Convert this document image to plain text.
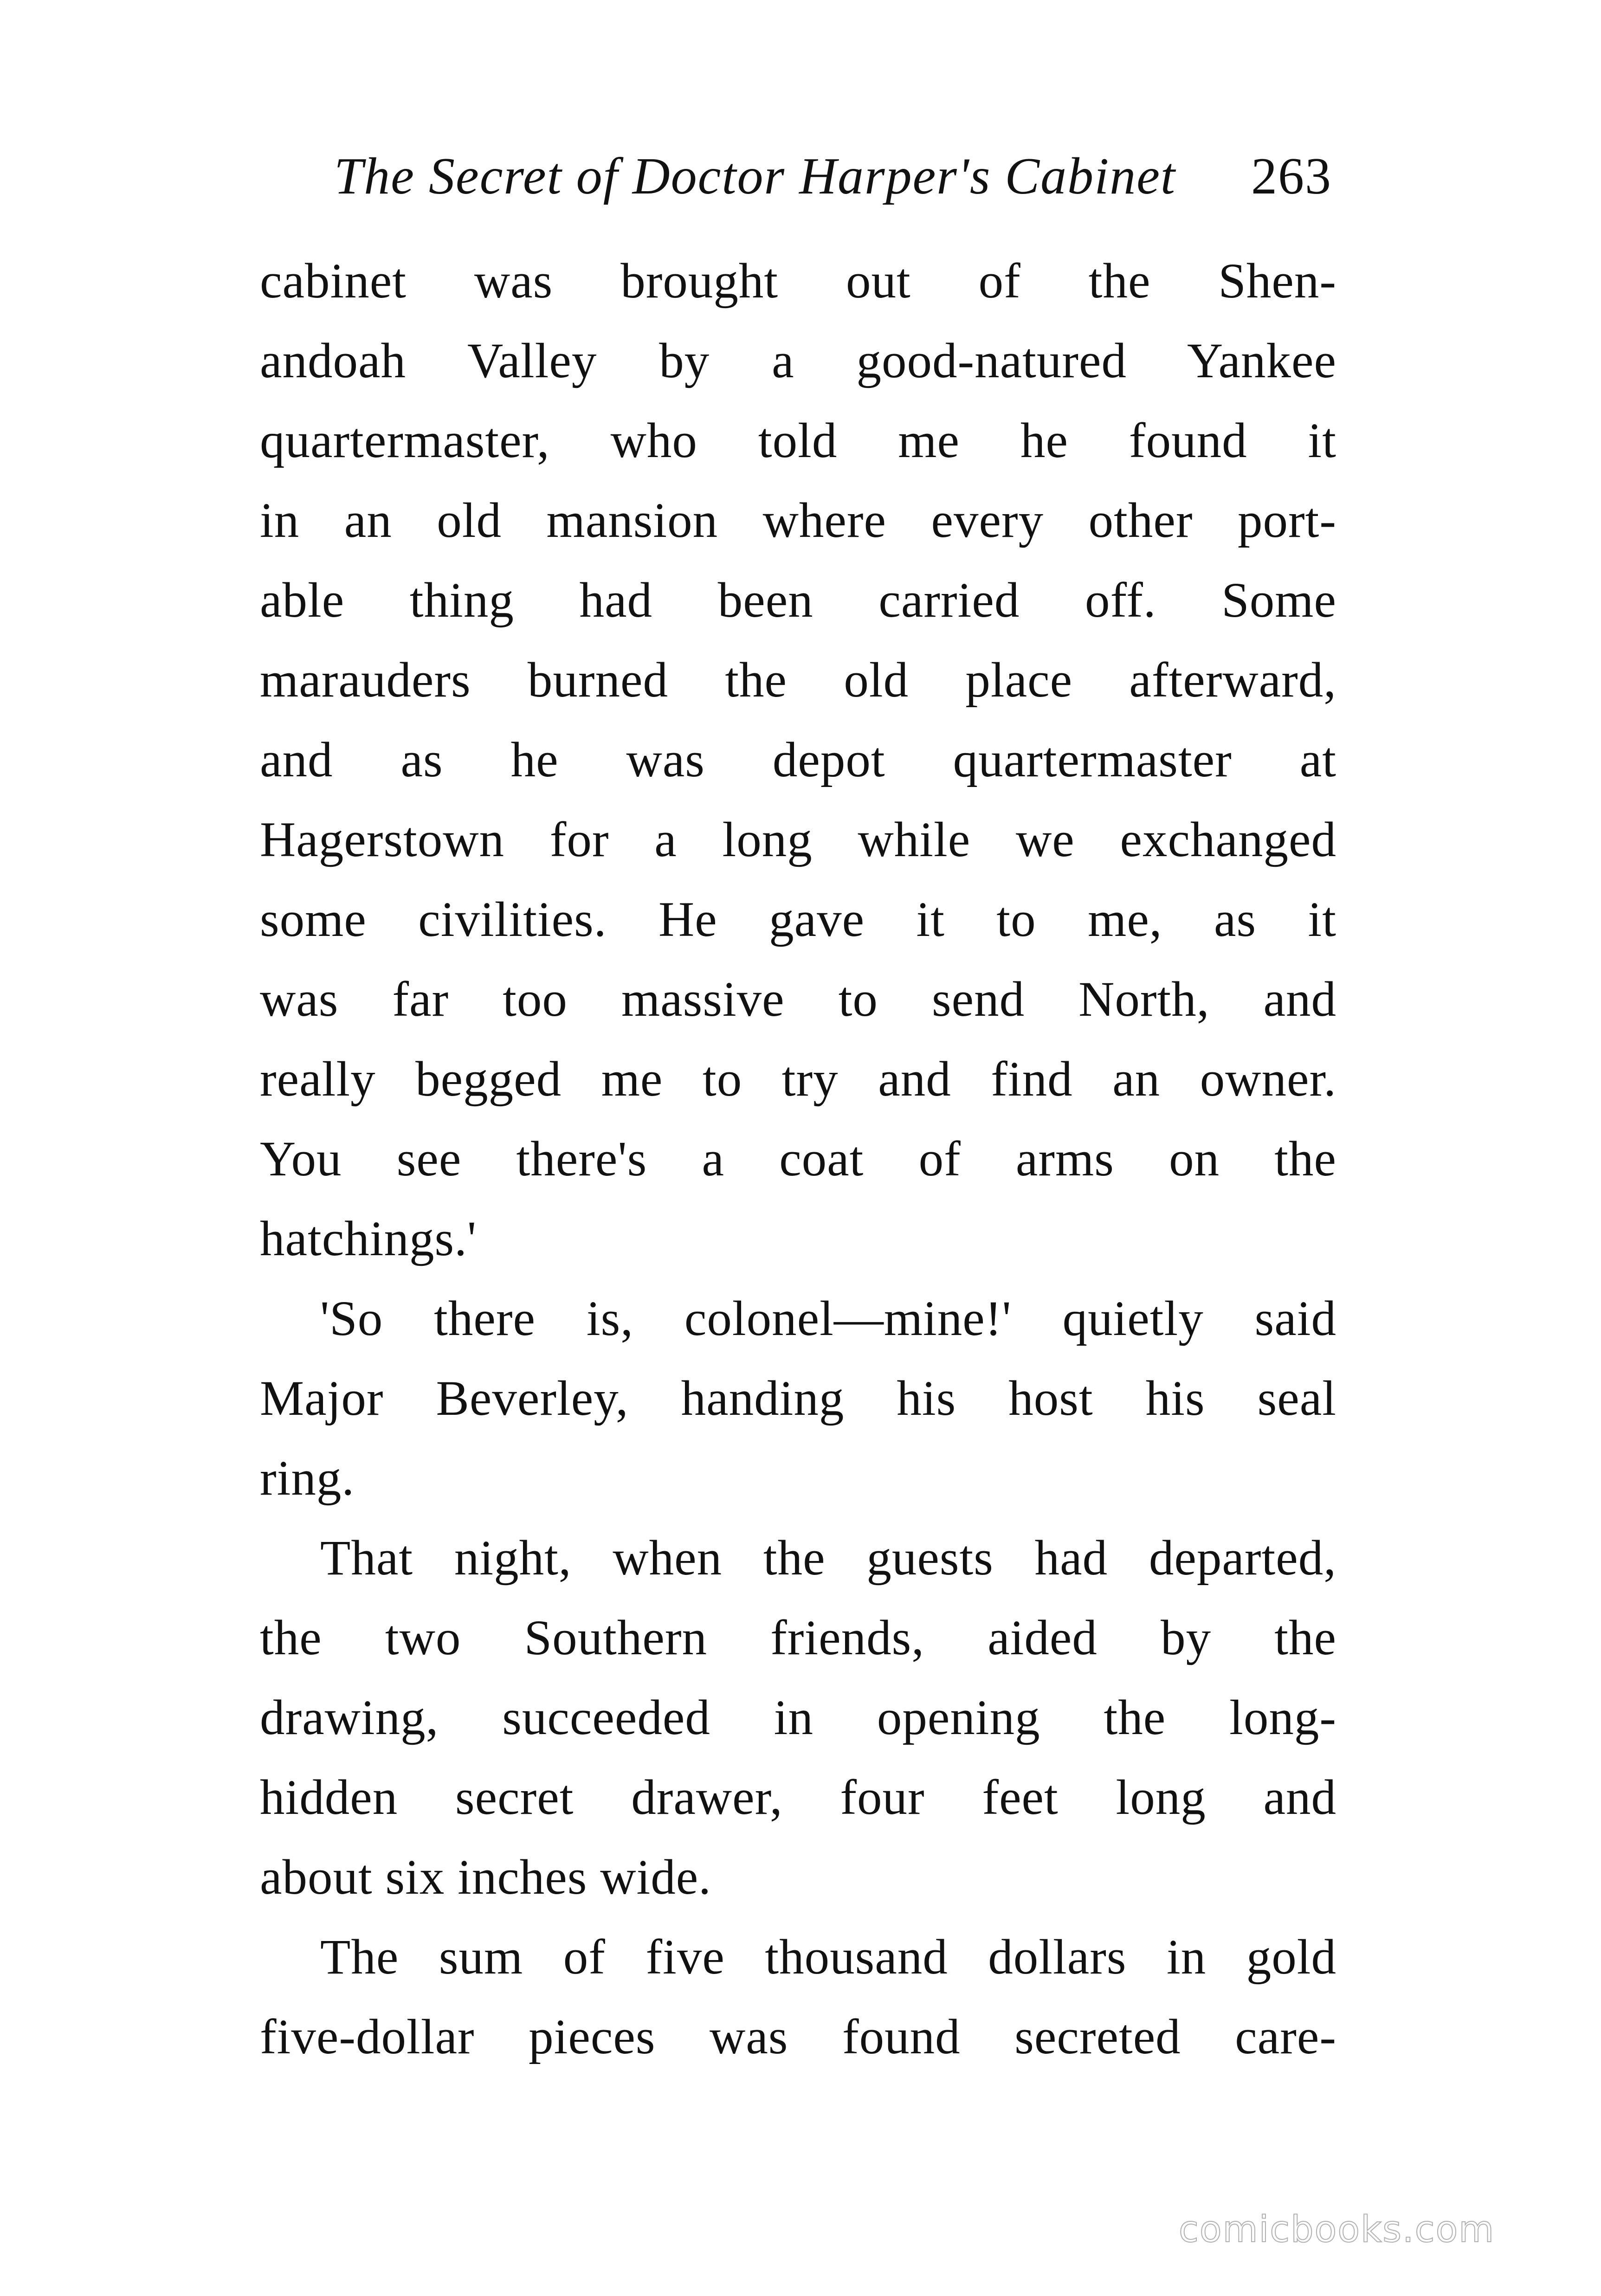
The Secret of Doctor Harper's Cabinet 263
cabinet was brought out of the Shen-
andoah Valley by a good-natured Yankee
quartermaster, who told me he found it
in an old mansion where every other port-
able thing had been carried off. Some
marauders burned the old place afterward,
and as he was depot quartermaster at
Hagerstown for a long while we exchanged
some civilities. He gave it to me, as it
was far too massive to send North, and
really begged me to try and find an owner.
You see there's a coat of arms on the
hatchings.'
'So there is, colonel—mine!' quietly said
Major Beverley, handing his host his seal
ring.
That night, when the guests had departed,
the two Southern friends, aided by the
drawing, succeeded in opening the long-
hidden secret drawer, four feet long and
about six inches wide.
The sum of five thousand dollars in gold
five-dollar pieces was found secreted care-
comicbooks.com
